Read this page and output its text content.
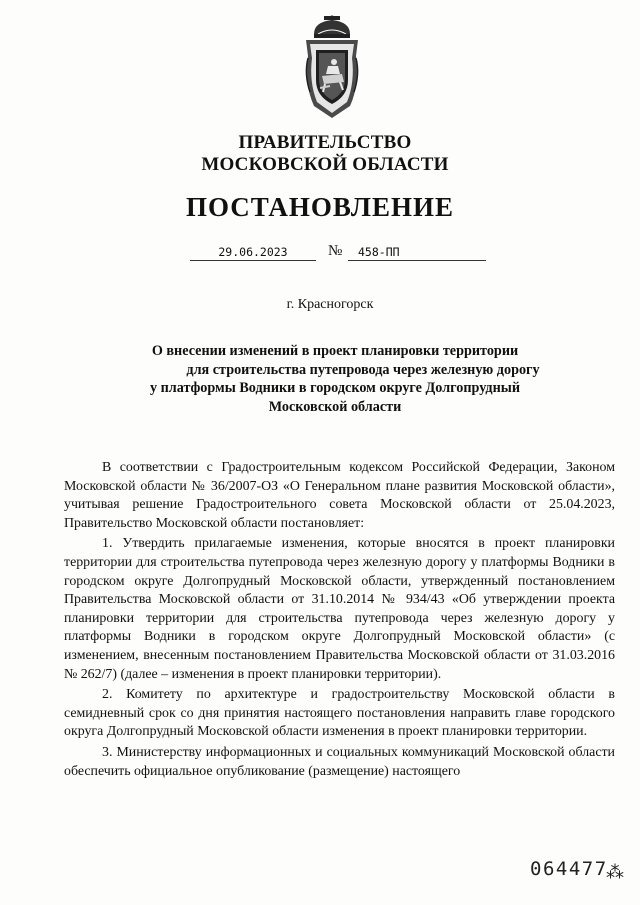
ПРАВИТЕЛЬСТВО
МОСКОВСКОЙ ОБЛАСТИ
ПОСТАНОВЛЕНИЕ
29.06.2023	№	458-ПП
г. Красногорск
О внесении изменений в проект планировки территории
для строительства путепровода через железную дорогу
у платформы Водники в городском округе Долгопрудный
Московской области

В соответствии с Градостроительным кодексом Российской Федерации, Законом Московской области № 36/2007-ОЗ «О Генеральном плане развития Московской области», учитывая решение Градостроительного совета Московской области от 25.04.2023, Правительство Московской области постановляет:

1. Утвердить прилагаемые изменения, которые вносятся в проект планировки территории для строительства путепровода через железную дорогу у платформы Водники в городском округе Долгопрудный Московской области, утвержденный постановлением Правительства Московской области от 31.10.2014 № 934/43 «Об утверждении проекта планировки территории для строительства путепровода через железную дорогу у платформы Водники в городском округе Долгопрудный Московской области» (с изменением, внесенным постановлением Правительства Московской области от 31.03.2016 № 262/7) (далее – изменения в проект планировки территории).

2. Комитету по архитектуре и градостроительству Московской области в семидневный срок со дня принятия настоящего постановления направить главе городского округа Долгопрудный Московской области изменения в проект планировки территории.

3. Министерству информационных и социальных коммуникаций Московской области обеспечить официальное опубликование (размещение) настоящего

064477
⁂
